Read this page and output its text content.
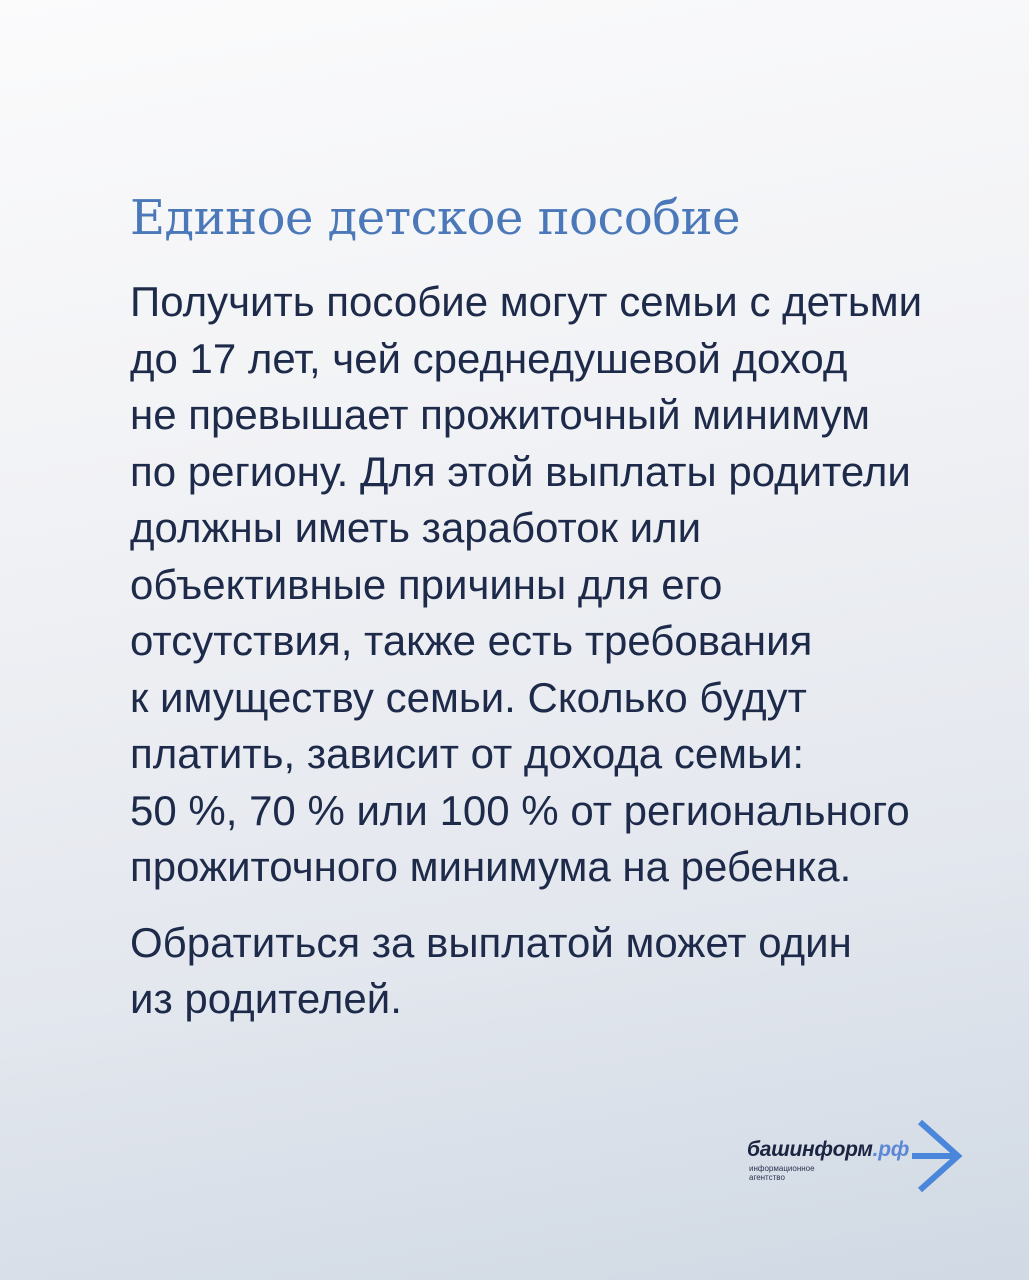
Единое детское пособие

Получить пособие могут семьи с детьми
до 17 лет, чей среднедушевой доход
не превышает прожиточный минимум
по региону. Для этой выплаты родители
должны иметь заработок или
объективные причины для его
отсутствия, также есть требования
к имуществу семьи. Сколько будут
платить, зависит от дохода семьи:
50 %, 70 % или 100 % от регионального
прожиточного минимума на ребенка.

Обратиться за выплатой может один
из родителей.

башинформ.рф
информационное
агентство
